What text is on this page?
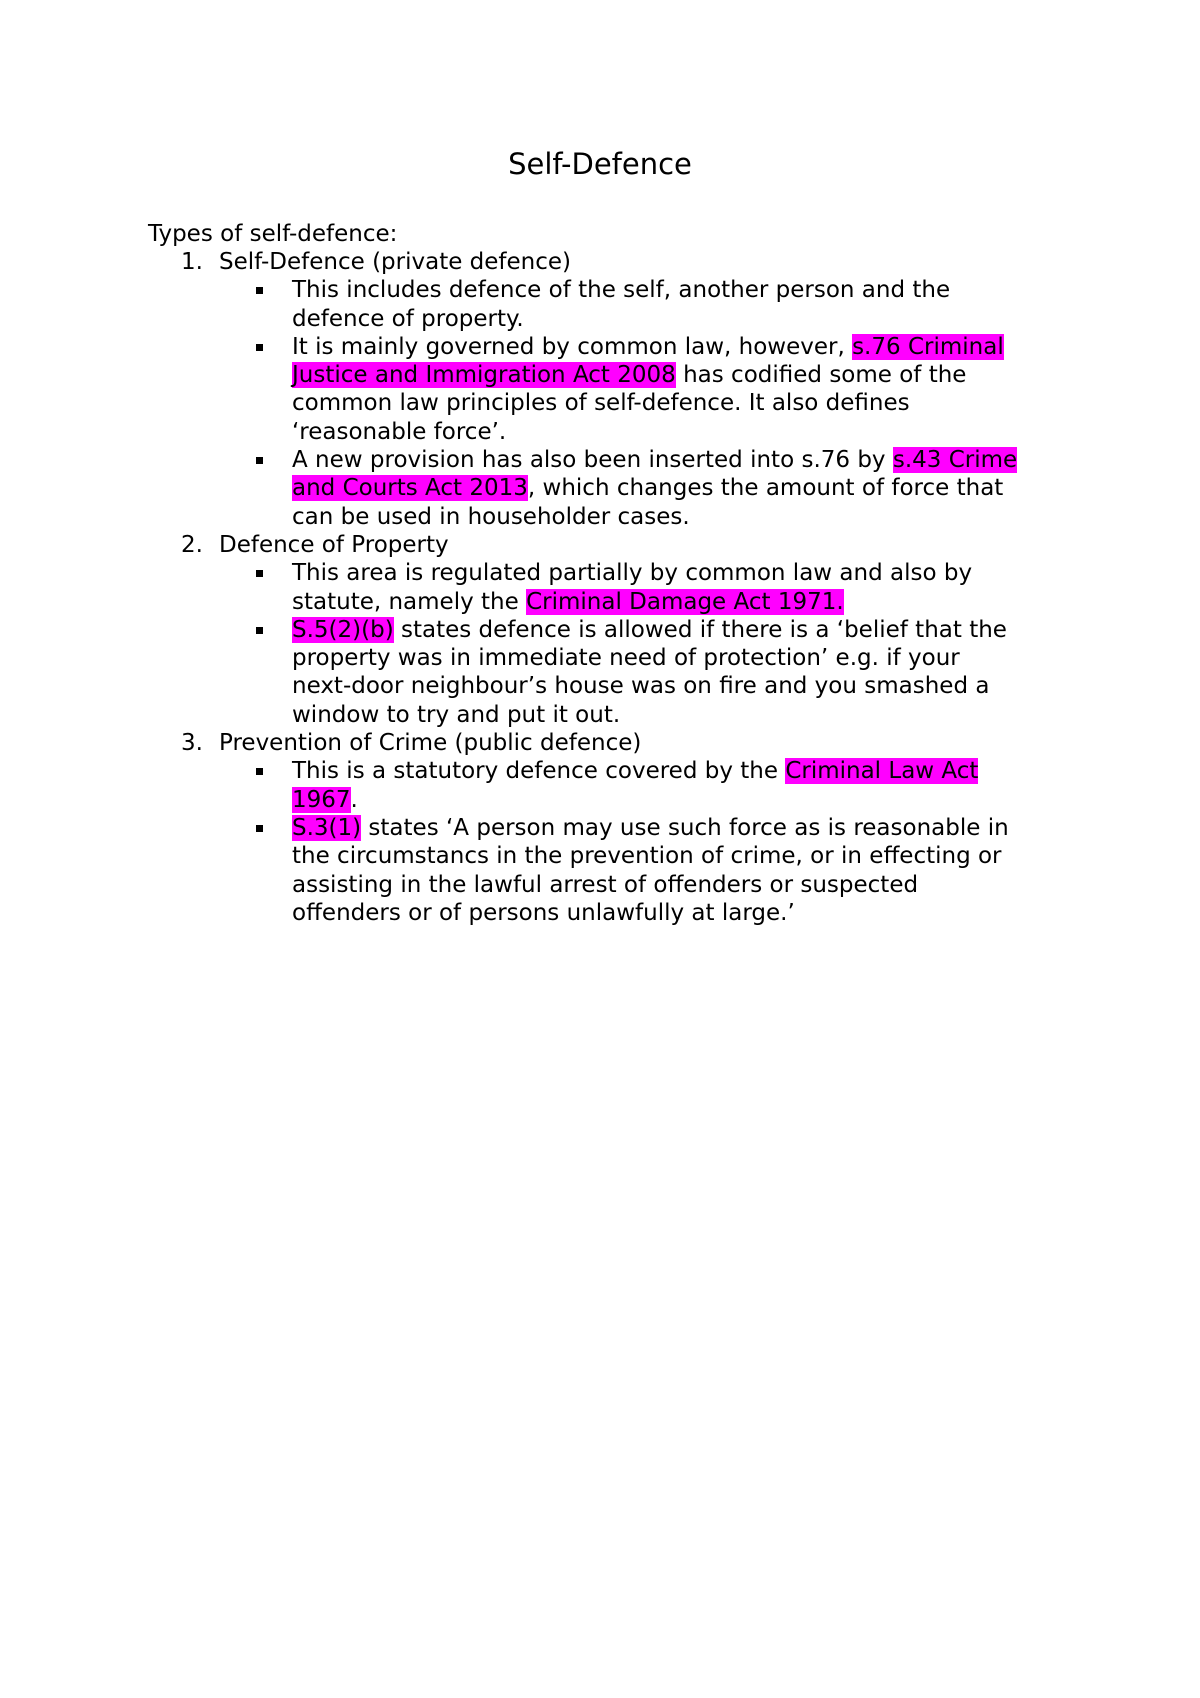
Self-Defence
Types of self-defence:
1. Self-Defence (private defence)
This includes defence of the self, another person and the
defence of property.
It is mainly governed by common law, however, s.76 Criminal
Justice and Immigration Act 2008 has codified some of the
common law principles of self-defence. It also defines
‘reasonable force’.
A new provision has also been inserted into s.76 by s.43 Crime
and Courts Act 2013, which changes the amount of force that
can be used in householder cases.
2. Defence of Property
This area is regulated partially by common law and also by
statute, namely the Criminal Damage Act 1971.
S.5(2)(b) states defence is allowed if there is a ‘belief that the
property was in immediate need of protection’ e.g. if your
next-door neighbour’s house was on fire and you smashed a
window to try and put it out.
3. Prevention of Crime (public defence)
This is a statutory defence covered by the Criminal Law Act
1967.
S.3(1) states ‘A person may use such force as is reasonable in
the circumstancs in the prevention of crime, or in effecting or
assisting in the lawful arrest of offenders or suspected
offenders or of persons unlawfully at large.’
